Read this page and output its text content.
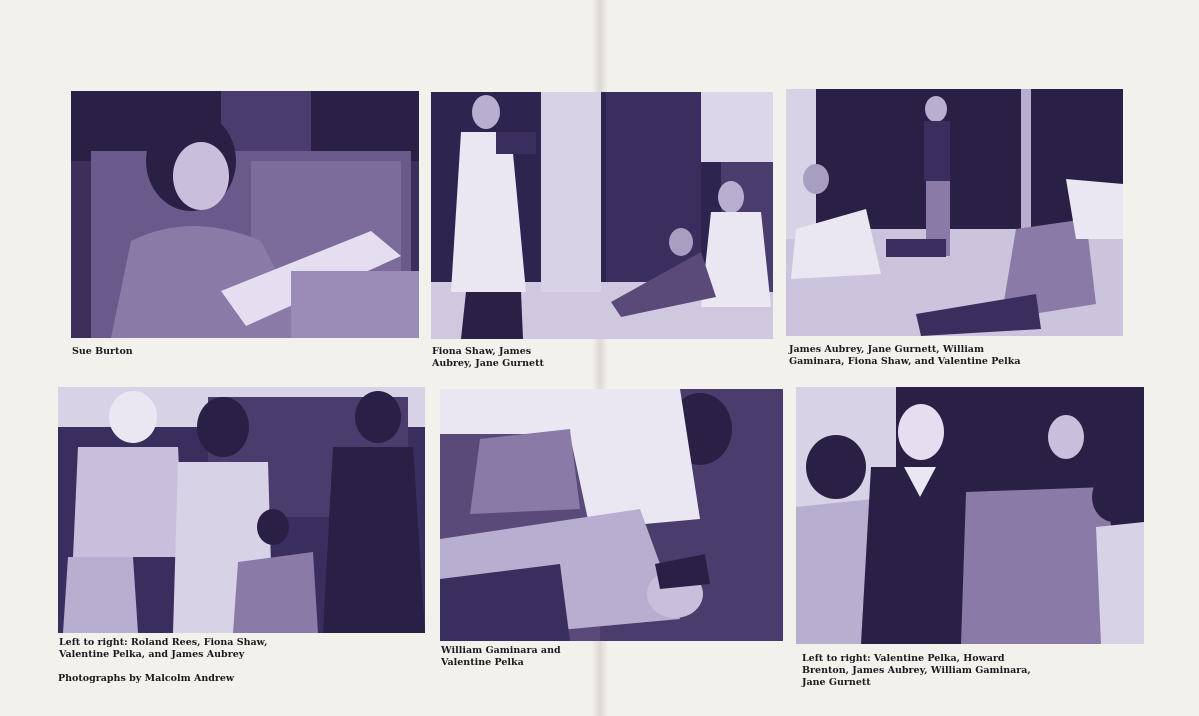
Sue Burton	Fiona Shaw, James Aubrey, Jane Gurnett

James Aubrey, Jane Gurnett, William Gaminara, Fiona Shaw, and Valentine Pelka

Left to right: Roland Rees, Fiona Shaw, Valentine Pelka, and James Aubrey	William Gaminara and Valentine Pelka	Left to right: Valentine Pelka, Howard Brenton, James Aubrey, William Gaminara, Jane Gurnett

Photographs by Malcolm Andrew
